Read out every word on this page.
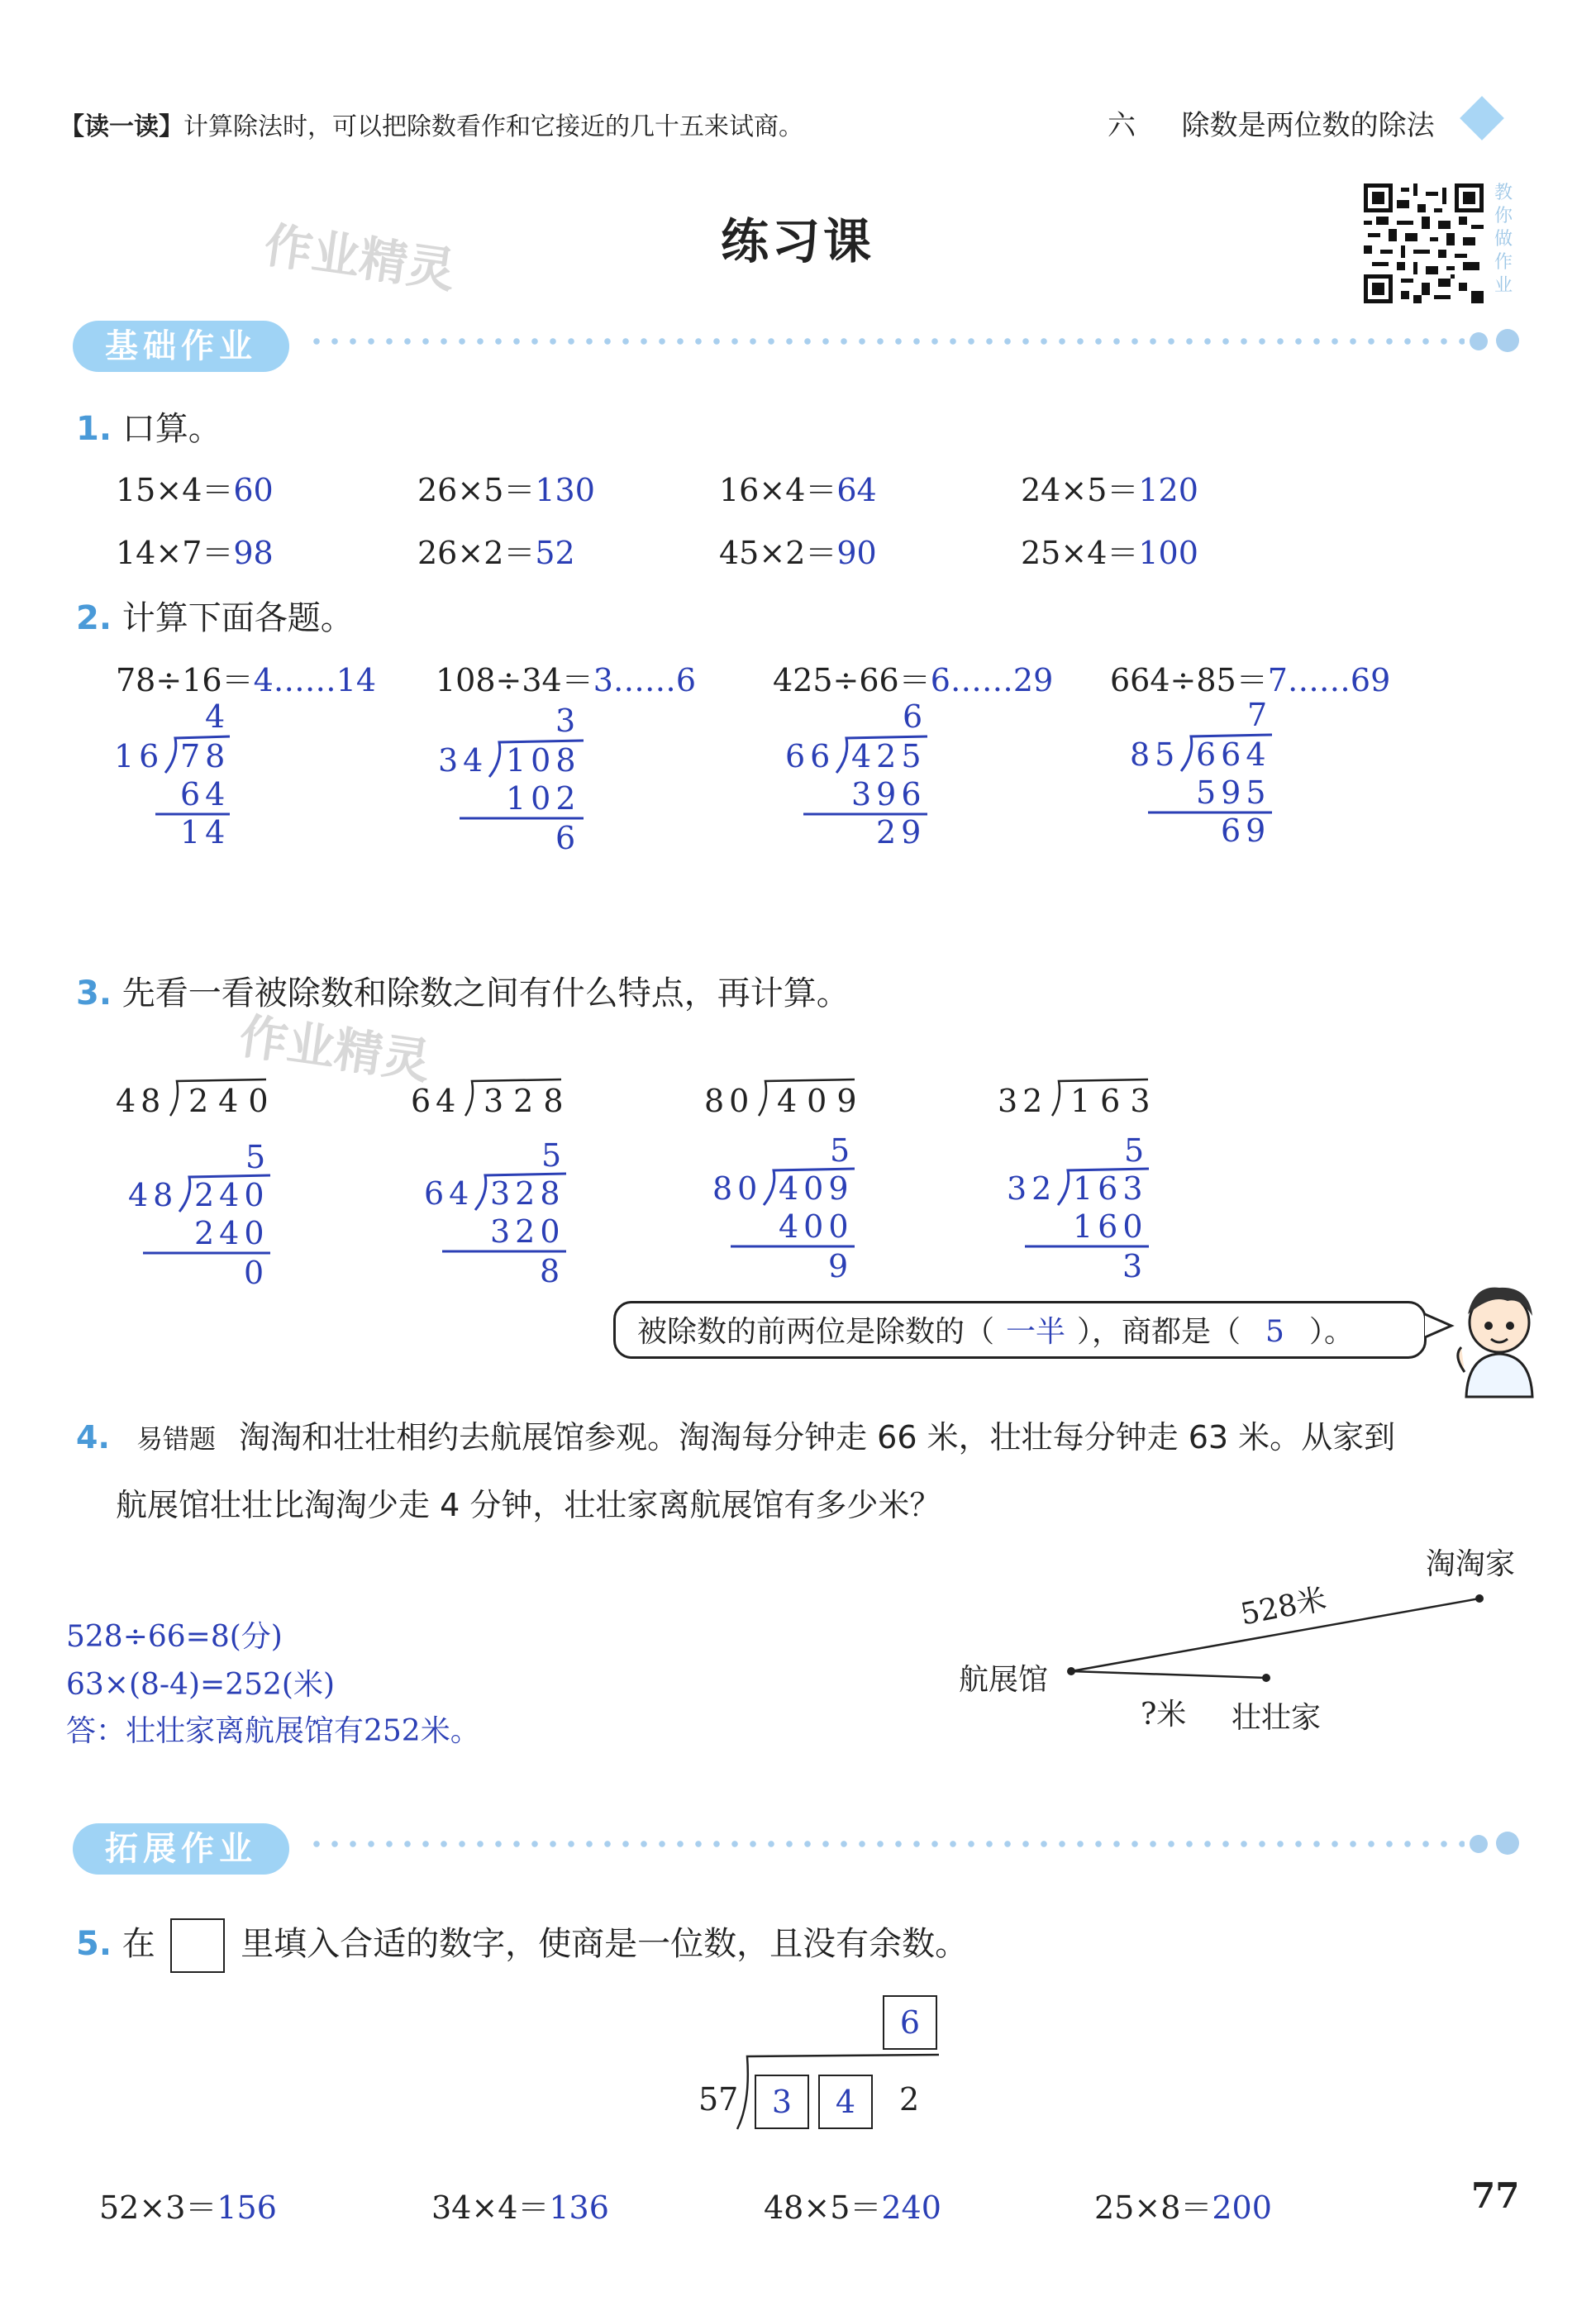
【读一读】计算除法时，可以把除数看作和它接近的几十五来试商。	六 除数是两位数的除法
作业精灵	练习课
教你做作业
基础作业
1. 口算。
15×4＝60	26×5＝130	16×4＝64	24×5＝120
14×7＝98	26×2＝52	45×2＝90	25×4＝100
2. 计算下面各题。
78÷16＝4……14 108÷34＝3……6 425÷66＝6……29 664÷85＝7……69
4
16 78
64
14
3
34 108
102
6
6
66 425
396
29
7
85 664
595
69
3. 先看一看被除数和除数之间有什么特点，再计算。
作业精灵
48 240	64 328	80 409	32 163
5
48 240
240
0
5
64 328
320
8
5
80 409
400
9
5
32 163
160
3
被除数的前两位是除数的（ 一半 ），商都是（ 5 ）。
4. 易错题 淘淘和壮壮相约去航展馆参观。淘淘每分钟走 66 米，壮壮每分钟走 63 米。从家到
航展馆壮壮比淘淘少走 4 分钟，壮壮家离航展馆有多少米？
淘淘家
528米
航展馆
?米 壮壮家
528÷66=8(分)
63×(8-4)=252(米)
答：壮壮家离航展馆有252米。
拓展作业
5. 在	里填入合适的数字，使商是一位数，且没有余数。
6
57	3	4	2
52×3＝156	34×4＝136	48×5＝240	25×8＝200	77
